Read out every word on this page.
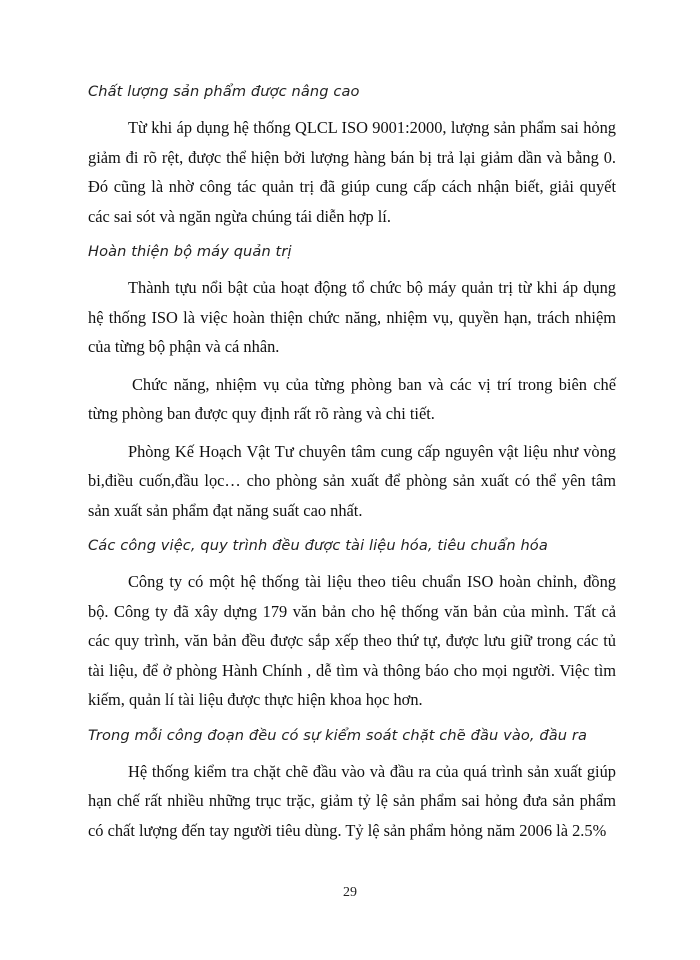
Chất lượng sản phẩm được nâng cao

Từ khi áp dụng hệ thống QLCL ISO 9001:2000, lượng sản phẩm sai hỏng giảm đi rõ rệt, được thể hiện bởi lượng hàng bán bị trả lại giảm dần và bằng 0. Đó cũng là nhờ công tác quản trị đã giúp cung cấp cách nhận biết, giải quyết các sai sót và ngăn ngừa chúng tái diễn hợp lí.

Hoàn thiện bộ máy quản trị

Thành tựu nổi bật của hoạt động tổ chức bộ máy quản trị từ khi áp dụng hệ thống ISO là việc hoàn thiện chức năng, nhiệm vụ, quyền hạn, trách nhiệm của từng bộ phận và cá nhân.

Chức năng, nhiệm vụ của từng phòng ban và các vị trí trong biên chế từng phòng ban được quy định rất rõ ràng và chi tiết.

Phòng Kế Hoạch Vật Tư chuyên tâm cung cấp nguyên vật liệu như vòng bi,điều cuốn,đầu lọc… cho phòng sản xuất để phòng sản xuất có thể yên tâm sản xuất sản phẩm đạt năng suất cao nhất.

Các công việc, quy trình đều được tài liệu hóa, tiêu chuẩn hóa

Công ty có một hệ thống tài liệu theo tiêu chuẩn ISO hoàn chỉnh, đồng bộ. Công ty đã xây dựng 179 văn bản cho hệ thống văn bản của mình. Tất cả các quy trình, văn bản đều được sắp xếp theo thứ tự, được lưu giữ trong các tủ tài liệu, để ở phòng Hành Chính , dễ tìm và thông báo cho mọi người. Việc tìm kiếm, quản lí tài liệu được thực hiện khoa học hơn.

Trong mỗi công đoạn đều có sự kiểm soát chặt chẽ đầu vào, đầu ra

Hệ thống kiểm tra chặt chẽ đầu vào và đầu ra của quá trình sản xuất giúp hạn chế rất nhiều những trục trặc, giảm tỷ lệ sản phẩm sai hỏng đưa sản phẩm có chất lượng đến tay người tiêu dùng. Tỷ lệ sản phẩm hỏng năm 2006 là 2.5%

29
